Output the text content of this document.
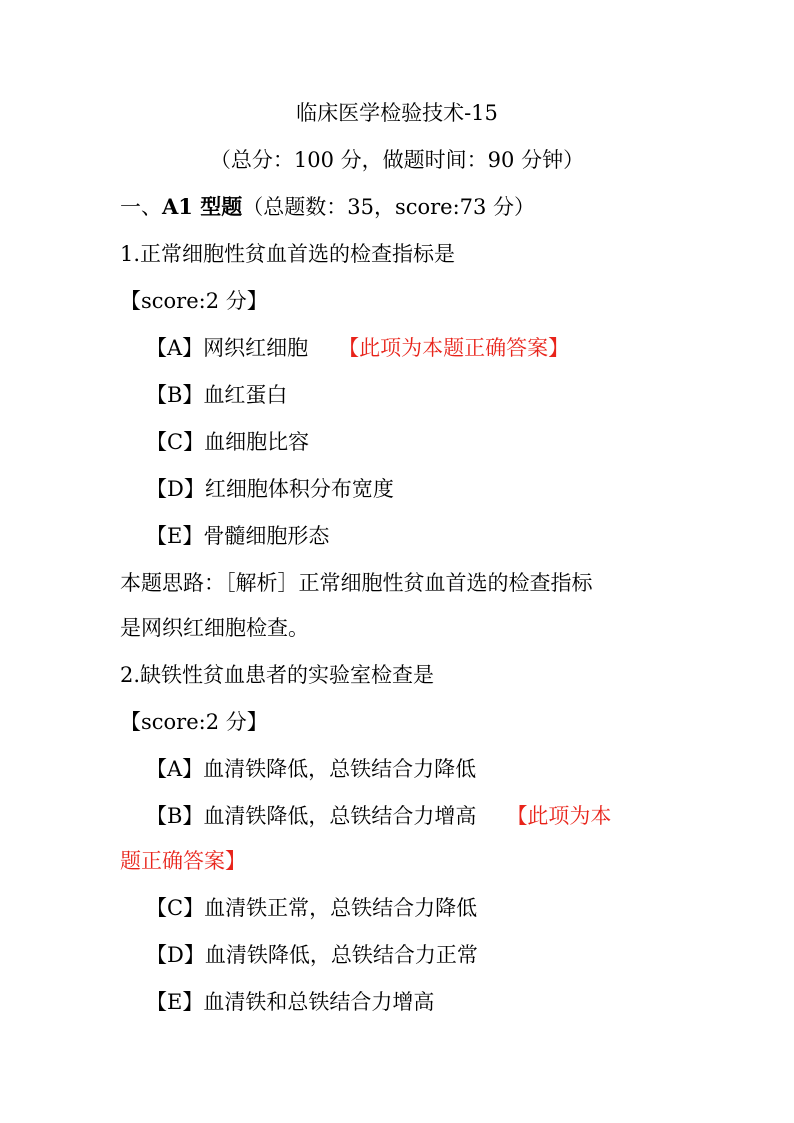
临床医学检验技术-15
（总分：100 分，做题时间：90 分钟）
一、A1 型题（总题数：35，score:73 分）
1.正常细胞性贫血首选的检查指标是
【score:2 分】
【A】网织红细胞 【此项为本题正确答案】
【B】血红蛋白
【C】血细胞比容
【D】红细胞体积分布宽度
【E】骨髓细胞形态
本题思路：［解析］正常细胞性贫血首选的检查指标
是网织红细胞检查。
2.缺铁性贫血患者的实验室检查是
【score:2 分】
【A】血清铁降低，总铁结合力降低
【B】血清铁降低，总铁结合力增高 【此项为本
题正确答案】
【C】血清铁正常，总铁结合力降低
【D】血清铁降低，总铁结合力正常
【E】血清铁和总铁结合力增高
